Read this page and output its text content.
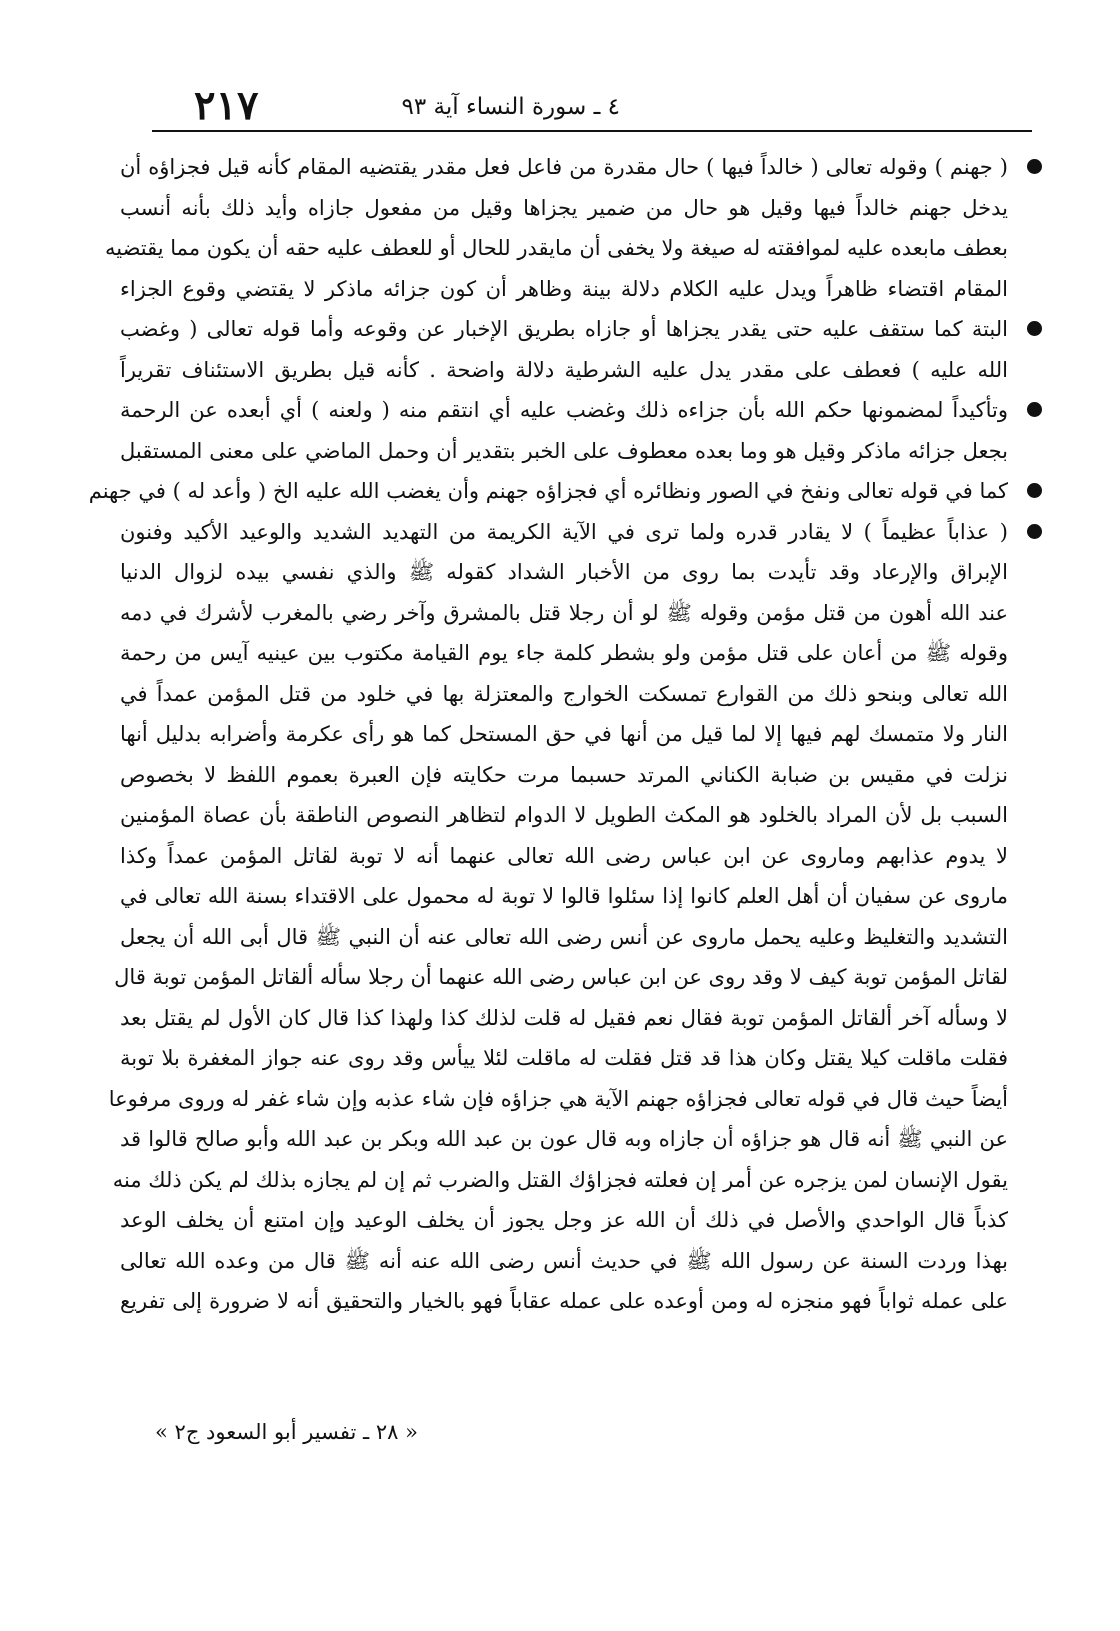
٤ ـ سورة النساء آية ٩٣
٢١٧
( جهنم ) وقوله تعالى ( خالداً فيها ) حال مقدرة من فاعل فعل مقدر يقتضيه المقام كأنه قيل فجزاؤه أن
يدخل جهنم خالداً فيها وقيل هو حال من ضمير يجزاها وقيل من مفعول جازاه وأيد ذلك بأنه أنسب
بعطف مابعده عليه لموافقته له صيغة ولا يخفى أن مايقدر للحال أو للعطف عليه حقه أن يكون مما يقتضيه
المقام اقتضاء ظاهراً ويدل عليه الكلام دلالة بينة وظاهر أن كون جزائه ماذكر لا يقتضي وقوع الجزاء
البتة كما ستقف عليه حتى يقدر يجزاها أو جازاه بطريق الإخبار عن وقوعه وأما قوله تعالى ( وغضب
الله عليه ) فعطف على مقدر يدل عليه الشرطية دلالة واضحة . كأنه قيل بطريق الاستئناف تقريراً
وتأكيداً لمضمونها حكم الله بأن جزاءه ذلك وغضب عليه أي انتقم منه ( ولعنه ) أي أبعده عن الرحمة
بجعل جزائه ماذكر وقيل هو وما بعده معطوف على الخبر بتقدير أن وحمل الماضي على معنى المستقبل
كما في قوله تعالى ونفخ في الصور ونظائره أي فجزاؤه جهنم وأن يغضب الله عليه الخ ( وأعد له ) في جهنم
( عذاباً عظيماً ) لا يقادر قدره ولما ترى في الآية الكريمة من التهديد الشديد والوعيد الأكيد وفنون
الإبراق والإرعاد وقد تأيدت بما روى من الأخبار الشداد كقوله ﷺ والذي نفسي بيده لزوال الدنيا
عند الله أهون من قتل مؤمن وقوله ﷺ لو أن رجلا قتل بالمشرق وآخر رضي بالمغرب لأشرك في دمه
وقوله ﷺ من أعان على قتل مؤمن ولو بشطر كلمة جاء يوم القيامة مكتوب بين عينيه آيس من رحمة
الله تعالى وبنحو ذلك من القوارع تمسكت الخوارج والمعتزلة بها في خلود من قتل المؤمن عمداً في
النار ولا متمسك لهم فيها إلا لما قيل من أنها في حق المستحل كما هو رأى عكرمة وأضرابه بدليل أنها
نزلت في مقيس بن ضبابة الكناني المرتد حسبما مرت حكايته فإن العبرة بعموم اللفظ لا بخصوص
السبب بل لأن المراد بالخلود هو المكث الطويل لا الدوام لتظاهر النصوص الناطقة بأن عصاة المؤمنين
لا يدوم عذابهم وماروى عن ابن عباس رضى الله تعالى عنهما أنه لا توبة لقاتل المؤمن عمداً وكذا
ماروى عن سفيان أن أهل العلم كانوا إذا سئلوا قالوا لا توبة له محمول على الاقتداء بسنة الله تعالى في
التشديد والتغليظ وعليه يحمل ماروى عن أنس رضى الله تعالى عنه أن النبي ﷺ قال أبى الله أن يجعل
لقاتل المؤمن توبة كيف لا وقد روى عن ابن عباس رضى الله عنهما أن رجلا سأله ألقاتل المؤمن توبة قال
لا وسأله آخر ألقاتل المؤمن توبة فقال نعم فقيل له قلت لذلك كذا ولهذا كذا قال كان الأول لم يقتل بعد
فقلت ماقلت كيلا يقتل وكان هذا قد قتل فقلت له ماقلت لئلا ييأس وقد روى عنه جواز المغفرة بلا توبة
أيضاً حيث قال في قوله تعالى فجزاؤه جهنم الآية هي جزاؤه فإن شاء عذبه وإن شاء غفر له وروى مرفوعا
عن النبي ﷺ أنه قال هو جزاؤه أن جازاه وبه قال عون بن عبد الله وبكر بن عبد الله وأبو صالح قالوا قد
يقول الإنسان لمن يزجره عن أمر إن فعلته فجزاؤك القتل والضرب ثم إن لم يجازه بذلك لم يكن ذلك منه
كذباً قال الواحدي والأصل في ذلك أن الله عز وجل يجوز أن يخلف الوعيد وإن امتنع أن يخلف الوعد
بهذا وردت السنة عن رسول الله ﷺ في حديث أنس رضى الله عنه أنه ﷺ قال من وعده الله تعالى
على عمله ثواباً فهو منجزه له ومن أوعده على عمله عقاباً فهو بالخيار والتحقيق أنه لا ضرورة إلى تفريع
« ٢٨ ـ تفسير أبو السعود ج٢ »
